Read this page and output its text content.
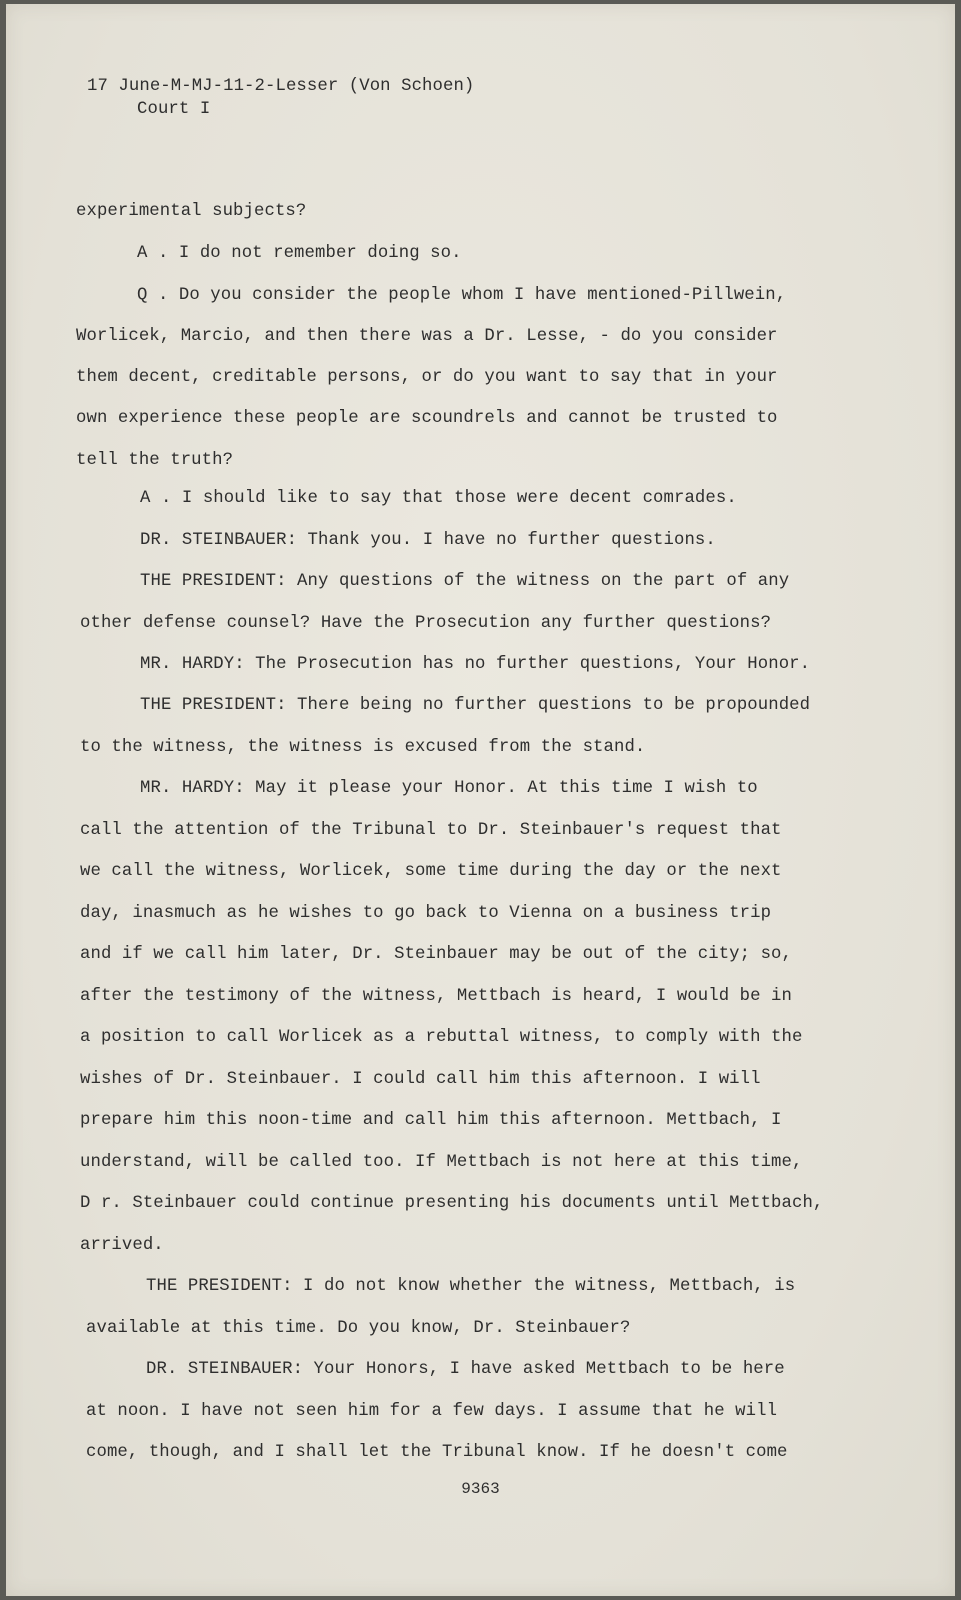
17 June-M-MJ-11-2-Lesser (Von Schoen)
Court I
experimental subjects?
A . I do not remember doing so.
Q . Do you consider the people whom I have mentioned-Pillwein,
Worlicek, Marcio, and then there was a Dr. Lesse, - do you consider
them decent, creditable persons, or do you want to say that in your
own experience these people are scoundrels and cannot be trusted to
tell the truth?
A . I should like to say that those were decent comrades.
DR. STEINBAUER: Thank you. I have no further questions.
THE PRESIDENT: Any questions of the witness on the part of any
other defense counsel? Have the Prosecution any further questions?
MR. HARDY: The Prosecution has no further questions, Your Honor.
THE PRESIDENT: There being no further questions to be propounded
to the witness, the witness is excused from the stand.
MR. HARDY: May it please your Honor. At this time I wish to
call the attention of the Tribunal to Dr. Steinbauer's request that
we call the witness, Worlicek, some time during the day or the next
day, inasmuch as he wishes to go back to Vienna on a business trip
and if we call him later, Dr. Steinbauer may be out of the city; so,
after the testimony of the witness, Mettbach is heard, I would be in
a position to call Worlicek as a rebuttal witness, to comply with the
wishes of Dr. Steinbauer. I could call him this afternoon. I will
prepare him this noon-time and call him this afternoon. Mettbach, I
understand, will be called too. If Mettbach is not here at this time,
D r. Steinbauer could continue presenting his documents until Mettbach,
arrived.
THE PRESIDENT: I do not know whether the witness, Mettbach, is
available at this time. Do you know, Dr. Steinbauer?
DR. STEINBAUER: Your Honors, I have asked Mettbach to be here
at noon. I have not seen him for a few days. I assume that he will
come, though, and I shall let the Tribunal know. If he doesn't come
9363
